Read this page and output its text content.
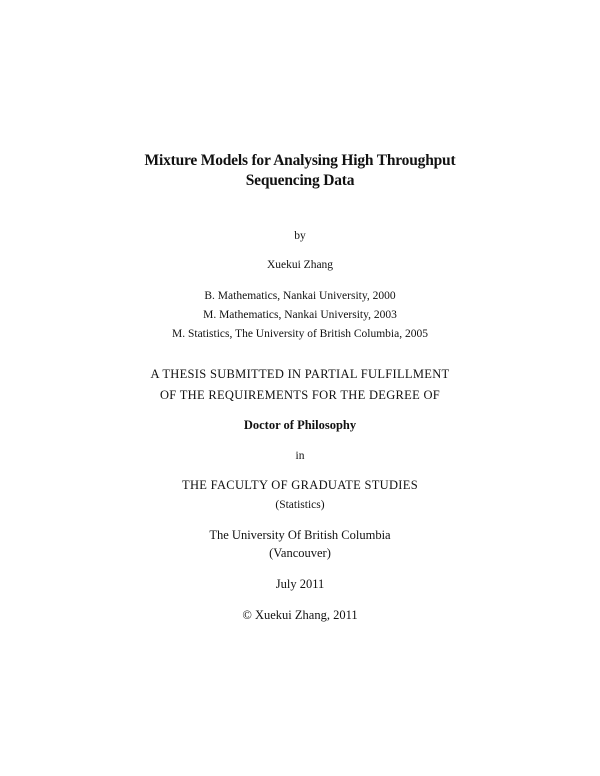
Mixture Models for Analysing High Throughput
Sequencing Data
by
Xuekui Zhang
B. Mathematics, Nankai University, 2000
M. Mathematics, Nankai University, 2003
M. Statistics, The University of British Columbia, 2005
A THESIS SUBMITTED IN PARTIAL FULFILLMENT
OF THE REQUIREMENTS FOR THE DEGREE OF
Doctor of Philosophy
in
THE FACULTY OF GRADUATE STUDIES
(Statistics)
The University Of British Columbia
(Vancouver)
July 2011
© Xuekui Zhang, 2011
